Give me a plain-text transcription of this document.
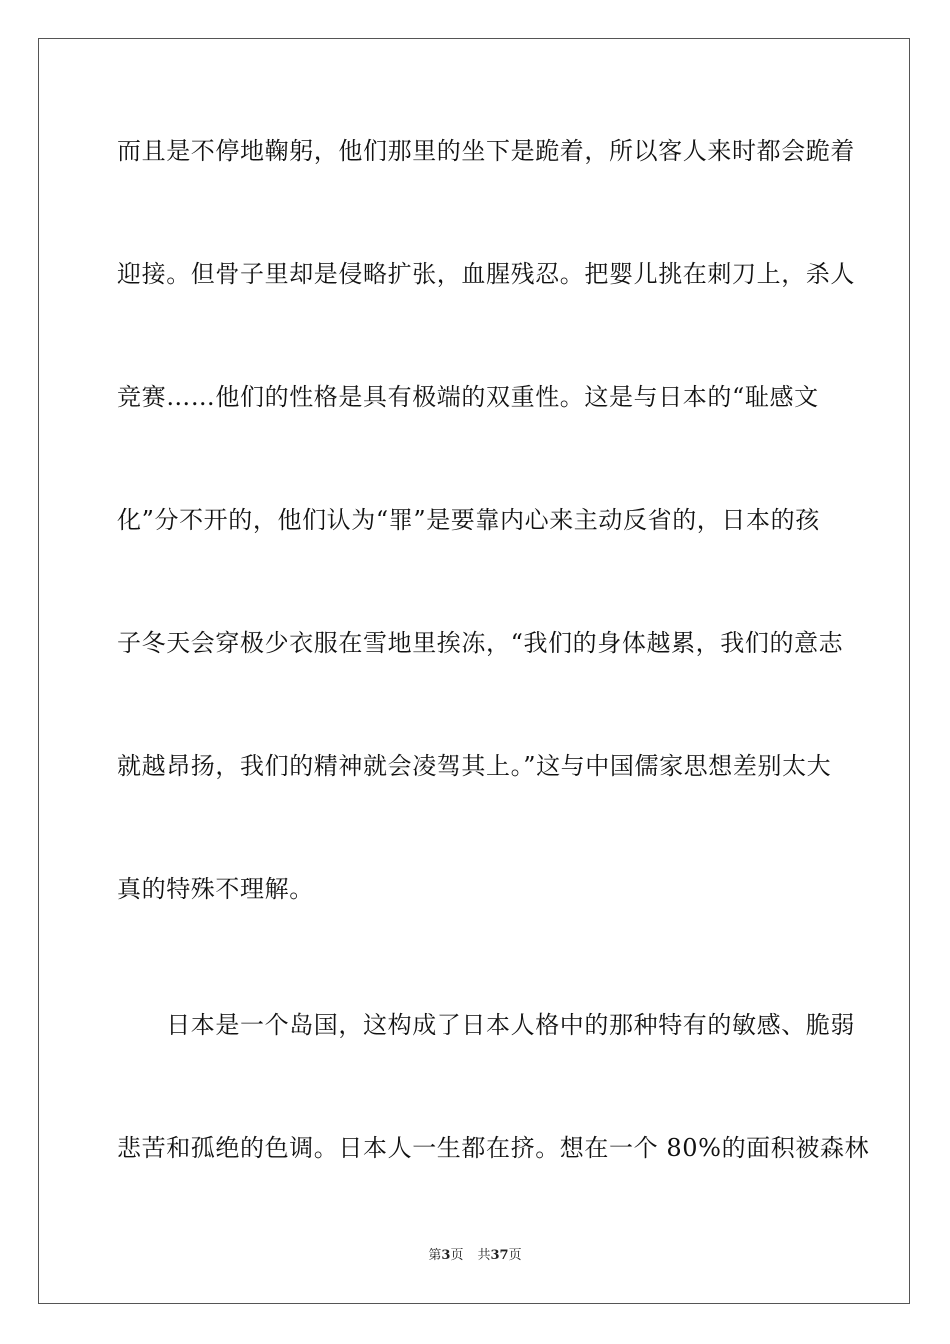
而且是不停地鞠躬，他们那里的坐下是跪着，所以客人来时都会跪着
迎接。但骨子里却是侵略扩张，血腥残忍。把婴儿挑在刺刀上，杀人
竞赛……他们的性格是具有极端的双重性。这是与日本的“耻感文
化”分不开的，他们认为“罪”是要靠内心来主动反省的，日本的孩
子冬天会穿极少衣服在雪地里挨冻，“我们的身体越累，我们的意志
就越昂扬，我们的精神就会凌驾其上。”这与中国儒家思想差别太大
真的特殊不理解。
　　日本是一个岛国，这构成了日本人格中的那种特有的敏感、脆弱
悲苦和孤绝的色调。日本人一生都在挤。想在一个 80%的面积被森林
第3页 共37页
